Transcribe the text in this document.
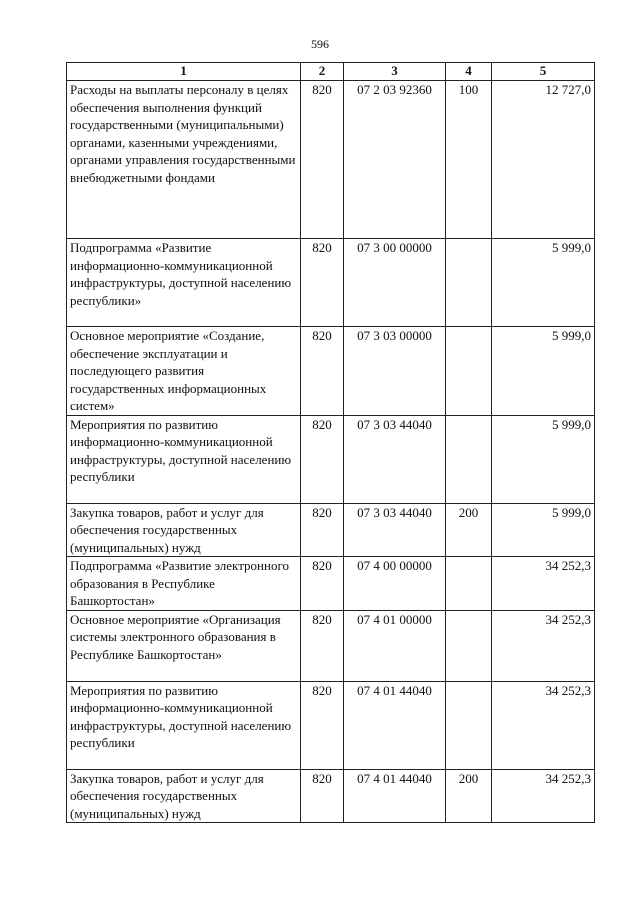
596
1	2	3	4	5
Расходы на выплаты персоналу в целях обеспечения выполнения функций государственными (муниципальными) органами, казенными учреждениями, органами управления государственными внебюджетными фондами	820	07 2 03 92360	100	12 727,0
Подпрограмма «Развитие информационно-коммуникационной инфраструктуры, доступной населению республики»	820	07 3 00 00000		5 999,0
Основное мероприятие «Создание, обеспечение эксплуатации и последующего развития государственных информационных систем»	820	07 3 03 00000		5 999,0
Мероприятия по развитию информационно-коммуникационной инфраструктуры, доступной населению республики	820	07 3 03 44040		5 999,0
Закупка товаров, работ и услуг для обеспечения государственных (муниципальных) нужд	820	07 3 03 44040	200	5 999,0
Подпрограмма «Развитие электронного образования в Республике Башкортостан»	820	07 4 00 00000		34 252,3
Основное мероприятие «Организация системы электронного образования в Республике Башкортостан»	820	07 4 01 00000		34 252,3
Мероприятия по развитию информационно-коммуникационной инфраструктуры, доступной населению республики	820	07 4 01 44040		34 252,3
Закупка товаров, работ и услуг для обеспечения государственных (муниципальных) нужд	820	07 4 01 44040	200	34 252,3
